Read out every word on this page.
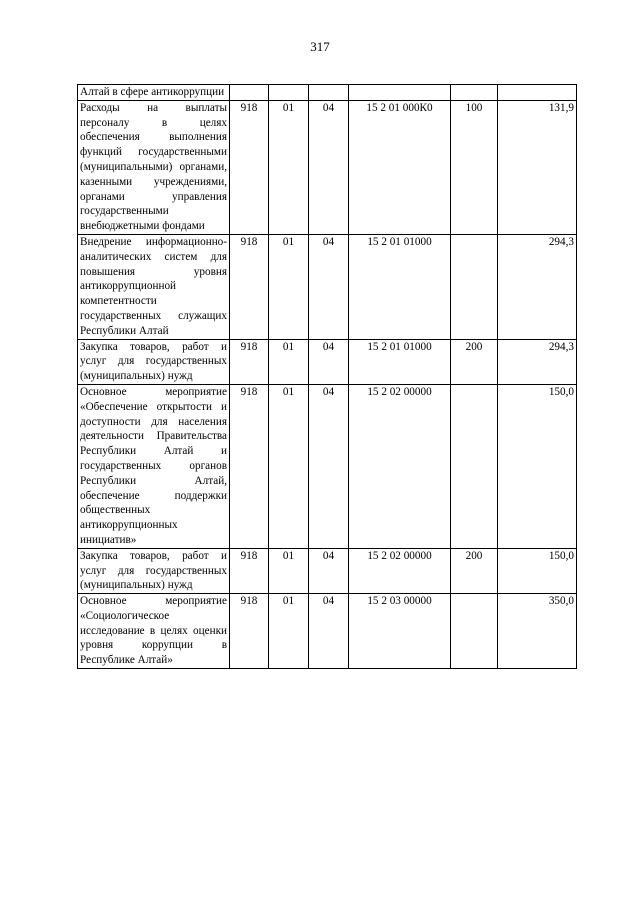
317
Алтай в сфере антикоррупции						
Расходы на выплаты персоналу в целях обеспечения выполнения функций государственными (муниципальными) органами, казенными учреждениями, органами управления государственными внебюджетными фондами	918	01	04	15 2 01 000К0	100	131,9
Внедрение информационно-аналитических систем для повышения уровня антикоррупционной компетентности государственных служащих Республики Алтай	918	01	04	15 2 01 01000		294,3
Закупка товаров, работ и услуг для государственных (муниципальных) нужд	918	01	04	15 2 01 01000	200	294,3
Основное мероприятие «Обеспечение открытости и доступности для населения деятельности Правительства Республики Алтай и государственных органов Республики Алтай, обеспечение поддержки общественных антикоррупционных инициатив»	918	01	04	15 2 02 00000		150,0
Закупка товаров, работ и услуг для государственных (муниципальных) нужд	918	01	04	15 2 02 00000	200	150,0
Основное мероприятие «Социологическое исследование в целях оценки уровня коррупции в Республике Алтай»	918	01	04	15 2 03 00000		350,0
